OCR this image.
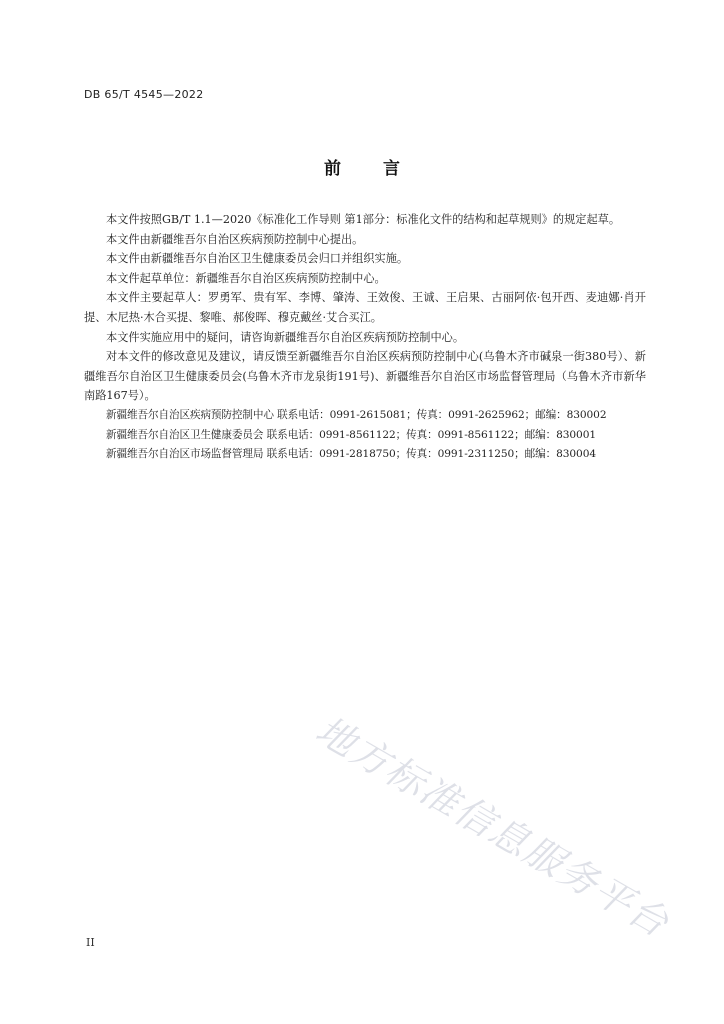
DB 65/T 4545—2022
前 言

本文件按照GB/T 1.1—2020《标准化工作导则 第1部分：标准化文件的结构和起草规则》的规定起草。

本文件由新疆维吾尔自治区疾病预防控制中心提出。

本文件由新疆维吾尔自治区卫生健康委员会归口并组织实施。

本文件起草单位：新疆维吾尔自治区疾病预防控制中心。

本文件主要起草人：罗勇军、贵有军、李博、肇涛、王效俊、王诚、王启果、古丽阿依·包开西、麦迪娜·肖开提、木尼热·木合买提、黎唯、郝俊晖、穆克戴丝·艾合买江。

本文件实施应用中的疑问，请咨询新疆维吾尔自治区疾病预防控制中心。

对本文件的修改意见及建议，请反馈至新疆维吾尔自治区疾病预防控制中心(乌鲁木齐市碱泉一街380号）、新疆维吾尔自治区卫生健康委员会(乌鲁木齐市龙泉街191号)、新疆维吾尔自治区市场监督管理局（乌鲁木齐市新华南路167号）。

新疆维吾尔自治区疾病预防控制中心 联系电话：0991-2615081；传真：0991-2625962；邮编：830002

新疆维吾尔自治区卫生健康委员会 联系电话：0991-8561122；传真：0991-8561122；邮编：830001

新疆维吾尔自治区市场监督管理局 联系电话：0991-2818750；传真：0991-2311250；邮编：830004

地方标准信息服务平台
II
